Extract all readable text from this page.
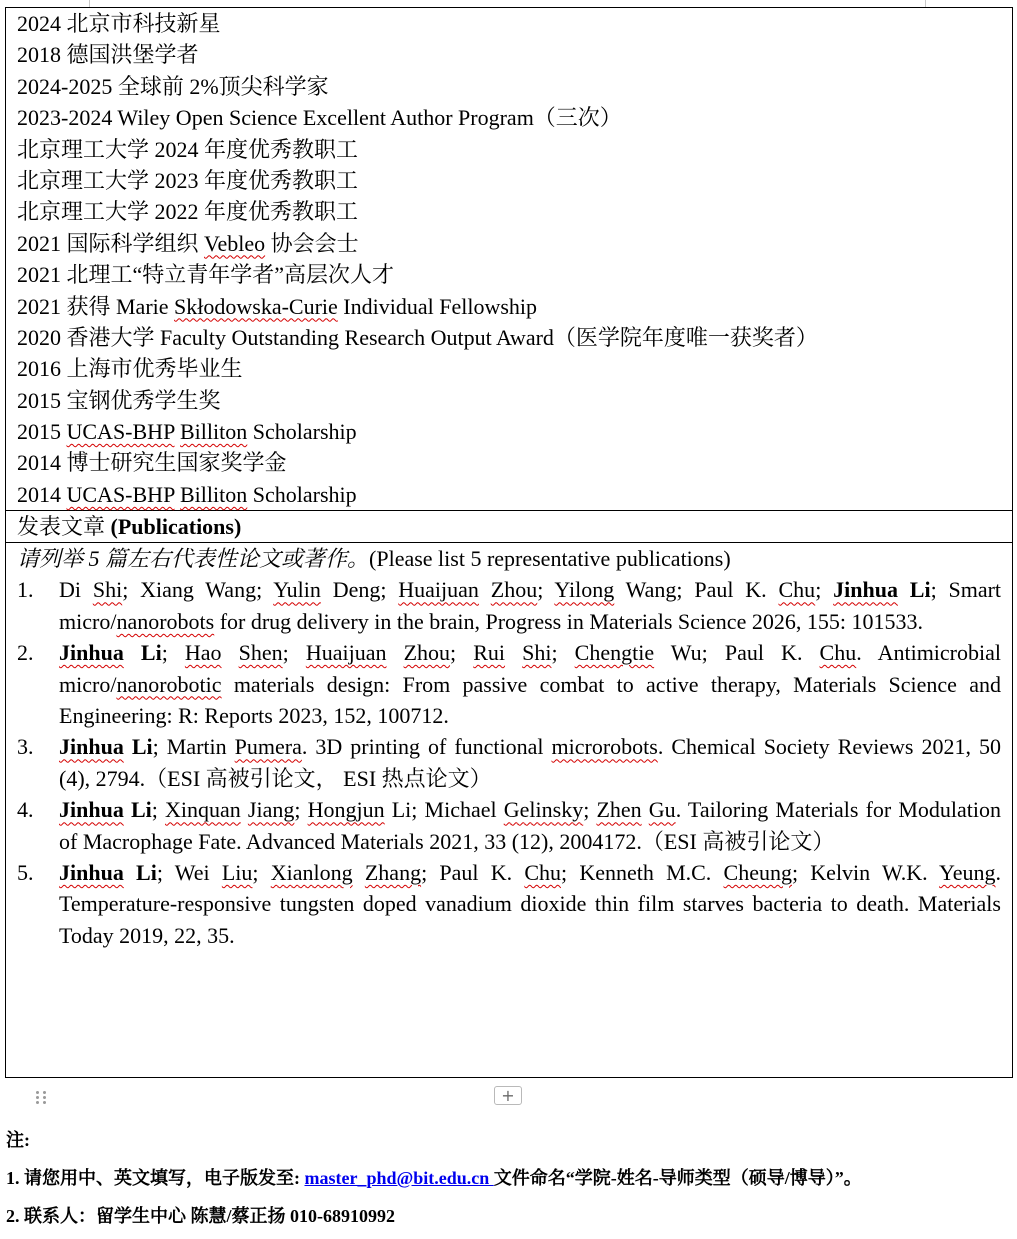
2024 北京市科技新星
2018 德国洪堡学者
2024-2025 全球前 2%顶尖科学家
2023-2024 Wiley Open Science Excellent Author Program（三次）
北京理工大学 2024 年度优秀教职工
北京理工大学 2023 年度优秀教职工
北京理工大学 2022 年度优秀教职工
2021 国际科学组织 Vebleo 协会会士
2021 北理工“特立青年学者”高层次人才
2021 获得 Marie Skłodowska-Curie Individual Fellowship
2020 香港大学 Faculty Outstanding Research Output Award（医学院年度唯一获奖者）
2016 上海市优秀毕业生
2015 宝钢优秀学生奖
2015 UCAS-BHP Billiton Scholarship
2014 博士研究生国家奖学金
2014 UCAS-BHP Billiton Scholarship
发表文章 (Publications)
请列举 5 篇左右代表性论文或著作。(Please list 5 representative publications)
1.	Di Shi; Xiang Wang; Yulin Deng; Huaijuan Zhou; Yilong Wang; Paul K. Chu; Jinhua Li; Smart micro/nanorobots for drug delivery in the brain, Progress in Materials Science 2026, 155: 101533.
2.	Jinhua Li; Hao Shen; Huaijuan Zhou; Rui Shi; Chengtie Wu; Paul K. Chu. Antimicrobial micro/nanorobotic materials design: From passive combat to active therapy, Materials Science and Engineering: R: Reports 2023, 152, 100712.
3.	Jinhua Li; Martin Pumera. 3D printing of functional microrobots. Chemical Society Reviews 2021, 50 (4), 2794.（ESI 高被引论文， ESI 热点论文）
4.	Jinhua Li; Xinquan Jiang; Hongjun Li; Michael Gelinsky; Zhen Gu. Tailoring Materials for Modulation of Macrophage Fate. Advanced Materials 2021, 33 (12), 2004172.（ESI 高被引论文）
5.	Jinhua Li; Wei Liu; Xianlong Zhang; Paul K. Chu; Kenneth M.C. Cheung; Kelvin W.K. Yeung. Temperature-responsive tungsten doped vanadium dioxide thin film starves bacteria to death. Materials Today 2019, 22, 35.
+
注:
1. 请您用中、英文填写，电子版发至: master_phd@bit.edu.cn 文件命名“学院-姓名-导师类型（硕导/博导）”。
2. 联系人：留学生中心 陈慧/蔡正扬 010-68910992
